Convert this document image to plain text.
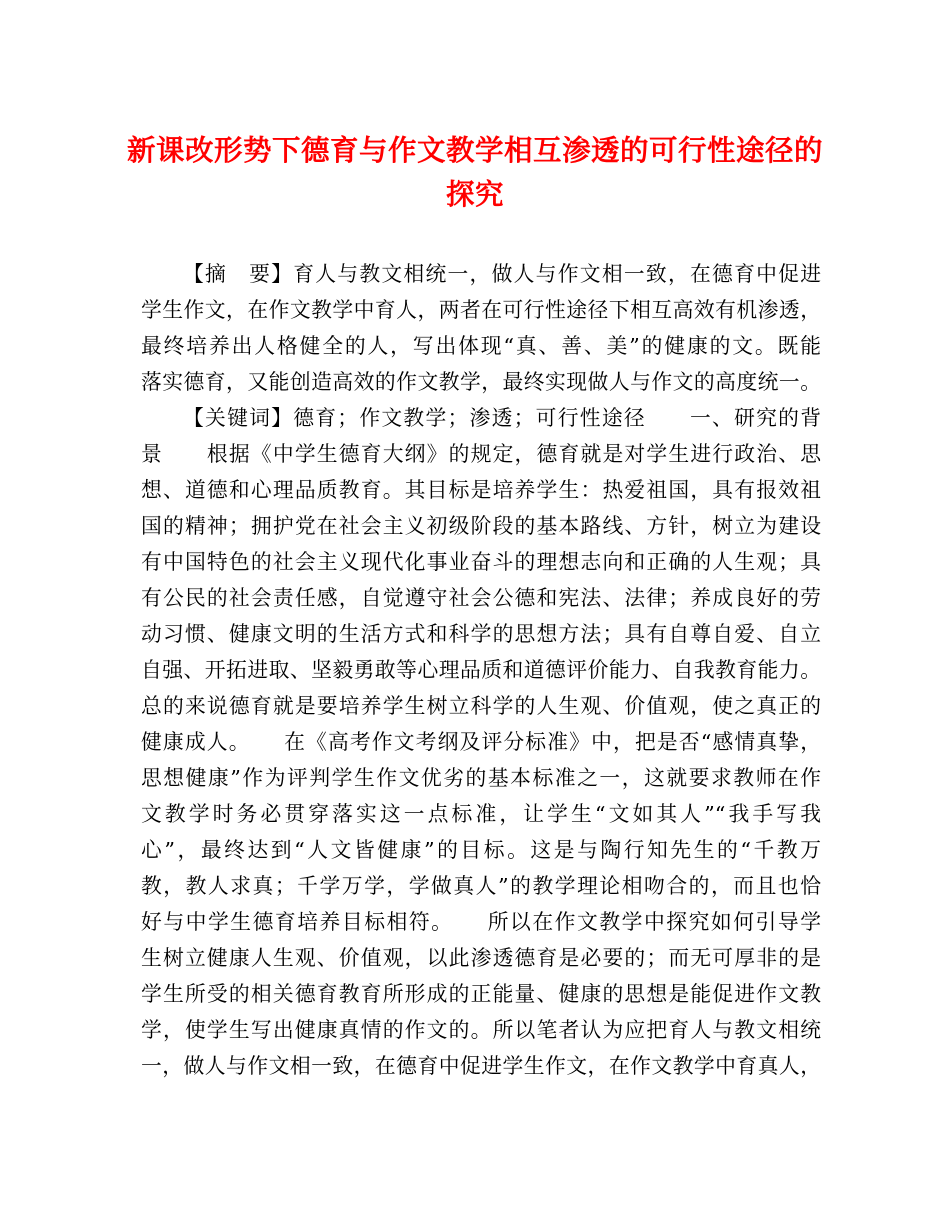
新课改形势下德育与作文教学相互渗透的可行性途径的
探究
【摘　要】育人与教文相统一，做人与作文相一致，在德育中促进
学生作文，在作文教学中育人，两者在可行性途径下相互高效有机渗透，
最终培养出人格健全的人，写出体现“真、善、美”的健康的文。既能
落实德育，又能创造高效的作文教学，最终实现做人与作文的高度统一。
【关键词】德育；作文教学；渗透；可行性途径　　一、研究的背
景　　根据《中学生德育大纲》的规定，德育就是对学生进行政治、思
想、道德和心理品质教育。其目标是培养学生：热爱祖国，具有报效祖
国的精神；拥护党在社会主义初级阶段的基本路线、方针，树立为建设
有中国特色的社会主义现代化事业奋斗的理想志向和正确的人生观；具
有公民的社会责任感，自觉遵守社会公德和宪法、法律；养成良好的劳
动习惯、健康文明的生活方式和科学的思想方法；具有自尊自爱、自立
自强、开拓进取、坚毅勇敢等心理品质和道德评价能力、自我教育能力。
总的来说德育就是要培养学生树立科学的人生观、价值观，使之真正的
健康成人。　　在《高考作文考纲及评分标准》中，把是否“感情真挚，
思想健康”作为评判学生作文优劣的基本标准之一，这就要求教师在作
文教学时务必贯穿落实这一点标准，让学生“文如其人”“我手写我
心”，最终达到“人文皆健康”的目标。这是与陶行知先生的“千教万
教，教人求真；千学万学，学做真人”的教学理论相吻合的，而且也恰
好与中学生德育培养目标相符。　　所以在作文教学中探究如何引导学
生树立健康人生观、价值观，以此渗透德育是必要的；而无可厚非的是
学生所受的相关德育教育所形成的正能量、健康的思想是能促进作文教
学，使学生写出健康真情的作文的。所以笔者认为应把育人与教文相统
一，做人与作文相一致，在德育中促进学生作文，在作文教学中育真人，
